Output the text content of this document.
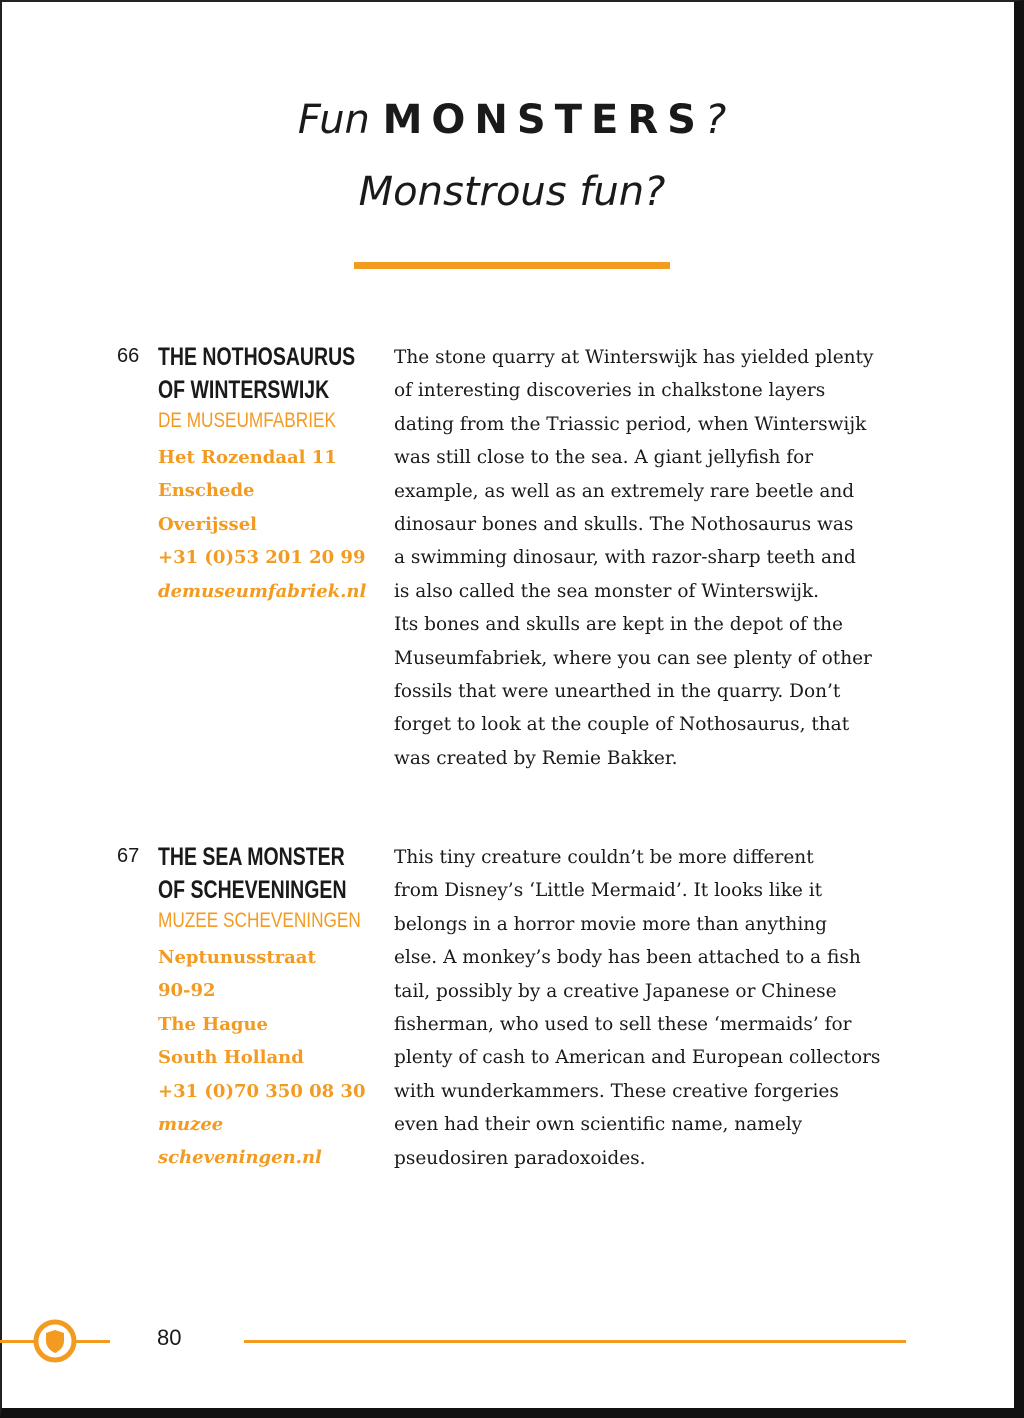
Fun MONSTERS?
Monstrous fun?
66 THE NOTHOSAURUS
OF WINTERSWIJK
DE MUSEUMFABRIEK
Het Rozendaal 11
Enschede
Overijssel
+31 (0)53 201 20 99
demuseumfabriek.nl
The stone quarry at Winterswijk has yielded plenty
of interesting discoveries in chalkstone layers
dating from the Triassic period, when Winterswijk
was still close to the sea. A giant jellyfish for
example, as well as an extremely rare beetle and
dinosaur bones and skulls. The Nothosaurus was
a swimming dinosaur, with razor-sharp teeth and
is also called the sea monster of Winterswijk.
Its bones and skulls are kept in the depot of the
Museumfabriek, where you can see plenty of other
fossils that were unearthed in the quarry. Don’t
forget to look at the couple of Nothosaurus, that
was created by Remie Bakker.
67 THE SEA MONSTER
OF SCHEVENINGEN
MUZEE SCHEVENINGEN
Neptunusstraat
90-92
The Hague
South Holland
+31 (0)70 350 08 30
muzee
scheveningen.nl
This tiny creature couldn’t be more different
from Disney’s ‘Little Mermaid’. It looks like it
belongs in a horror movie more than anything
else. A monkey’s body has been attached to a fish
tail, possibly by a creative Japanese or Chinese
fisherman, who used to sell these ‘mermaids’ for
plenty of cash to American and European collectors
with wunderkammers. These creative forgeries
even had their own scientific name, namely
pseudosiren paradoxoides.
80
